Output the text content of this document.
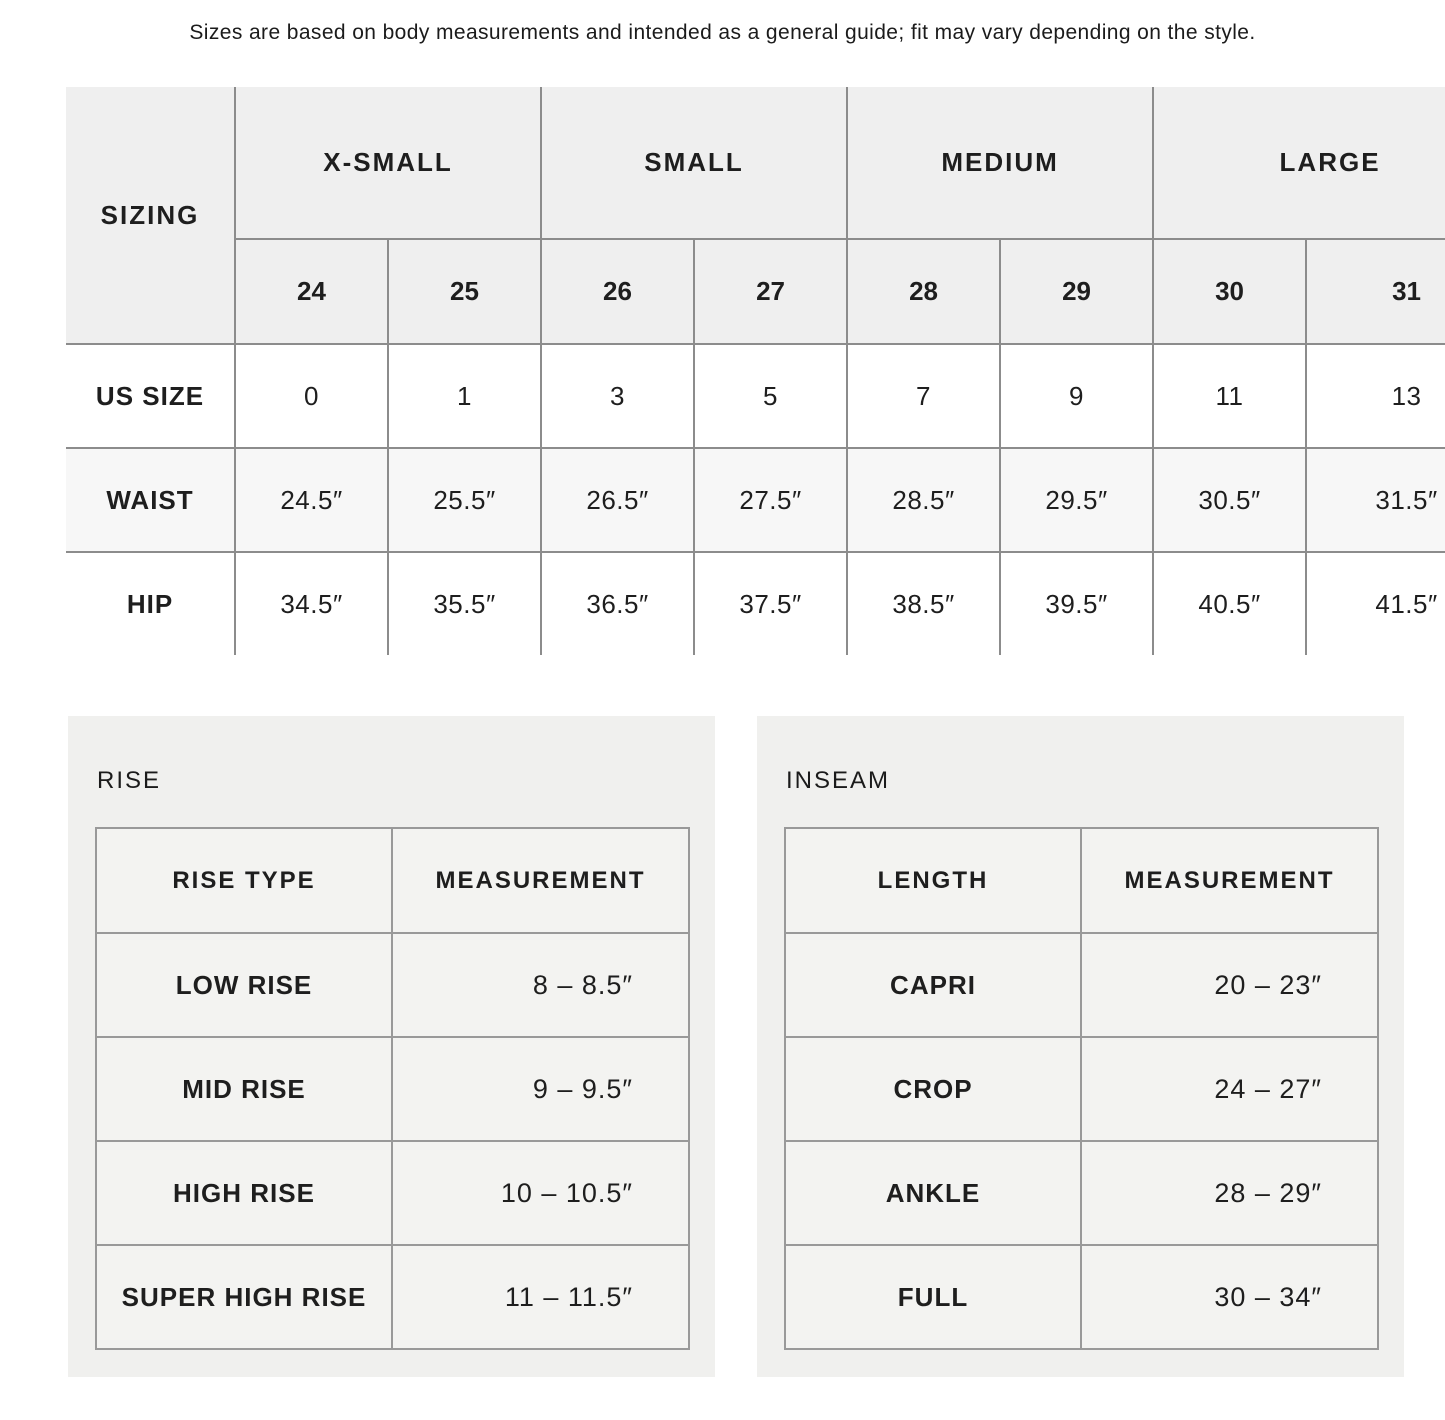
Sizes are based on body measurements and intended as a general guide; fit may vary depending on the style.

SIZING	X-SMALL		SMALL		MEDIUM		LARGE	
	24	25	26	27	28	29	30	31
US SIZE	0	1	3	5	7	9	11	13
WAIST	24.5″	25.5″	26.5″	27.5″	28.5″	29.5″	30.5″	31.5″
HIP	34.5″	35.5″	36.5″	37.5″	38.5″	39.5″	40.5″	41.5″
RISE
RISE TYPE	MEASUREMENT
LOW RISE	8 – 8.5″
MID RISE	9 – 9.5″
HIGH RISE	10 – 10.5″
SUPER HIGH RISE	11 – 11.5″
INSEAM
LENGTH	MEASUREMENT
CAPRI	20 – 23″
CROP	24 – 27″
ANKLE	28 – 29″
FULL	30 – 34″
